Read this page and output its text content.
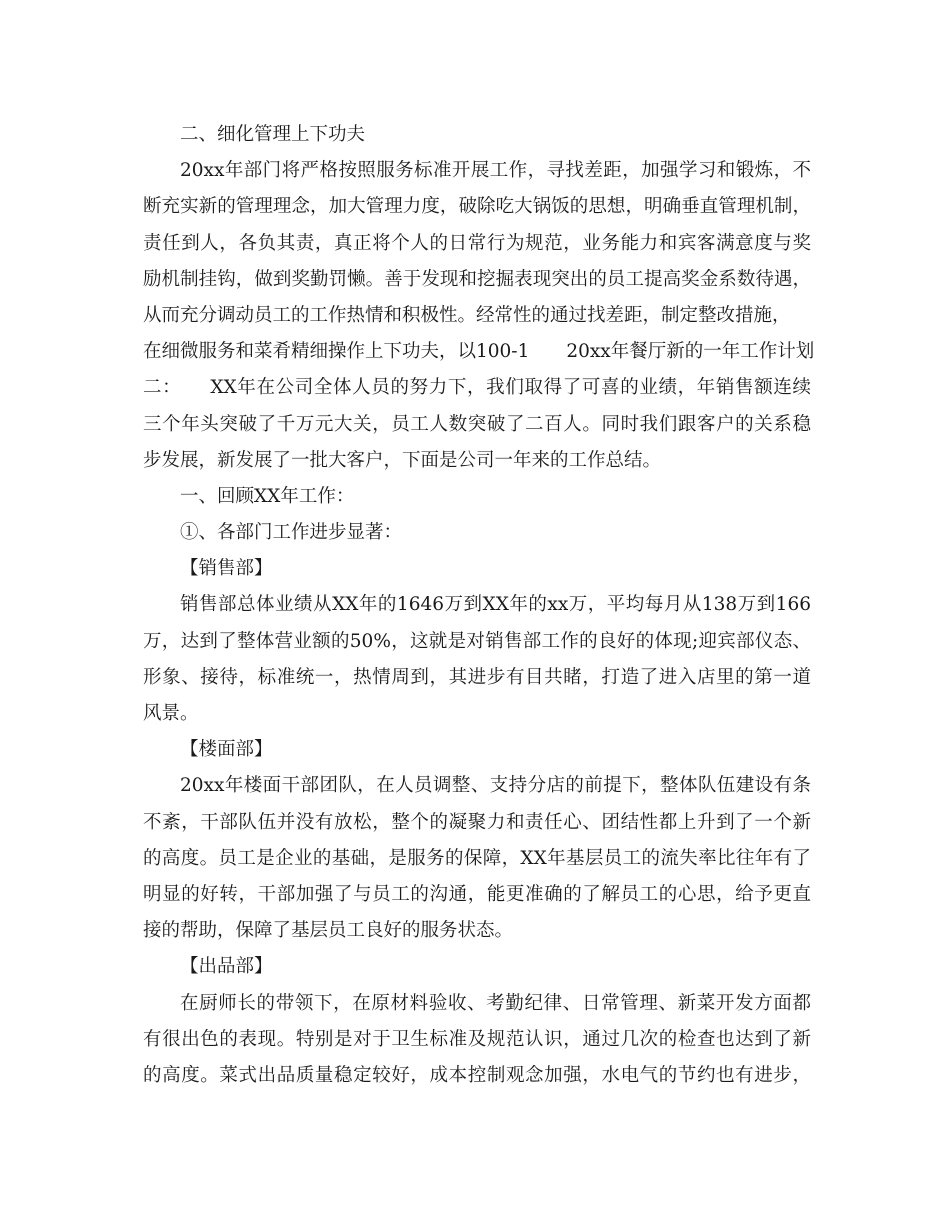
二、细化管理上下功夫
20xx年部门将严格按照服务标准开展工作，寻找差距，加强学习和锻炼，不
断充实新的管理理念，加大管理力度，破除吃大锅饭的思想，明确垂直管理机制，
责任到人，各负其责，真正将个人的日常行为规范，业务能力和宾客满意度与奖
励机制挂钩，做到奖勤罚懒。善于发现和挖掘表现突出的员工提高奖金系数待遇，
从而充分调动员工的工作热情和积极性。经常性的通过找差距，制定整改措施，
在细微服务和菜肴精细操作上下功夫，以100-1　　20xx年餐厅新的一年工作计划
二：　　XX年在公司全体人员的努力下，我们取得了可喜的业绩，年销售额连续
三个年头突破了千万元大关，员工人数突破了二百人。同时我们跟客户的关系稳
步发展，新发展了一批大客户，下面是公司一年来的工作总结。
一、回顾XX年工作：
①、各部门工作进步显著：
【销售部】
销售部总体业绩从XX年的1646万到XX年的xx万，平均每月从138万到166
万，达到了整体营业额的50%，这就是对销售部工作的良好的体现;迎宾部仪态、
形象、接待，标准统一，热情周到，其进步有目共睹，打造了进入店里的第一道
风景。
【楼面部】
20xx年楼面干部团队，在人员调整、支持分店的前提下，整体队伍建设有条
不紊，干部队伍并没有放松，整个的凝聚力和责任心、团结性都上升到了一个新
的高度。员工是企业的基础，是服务的保障，XX年基层员工的流失率比往年有了
明显的好转，干部加强了与员工的沟通，能更准确的了解员工的心思，给予更直
接的帮助，保障了基层员工良好的服务状态。
【出品部】
在厨师长的带领下，在原材料验收、考勤纪律、日常管理、新菜开发方面都
有很出色的表现。特别是对于卫生标准及规范认识，通过几次的检查也达到了新
的高度。菜式出品质量稳定较好，成本控制观念加强，水电气的节约也有进步，
